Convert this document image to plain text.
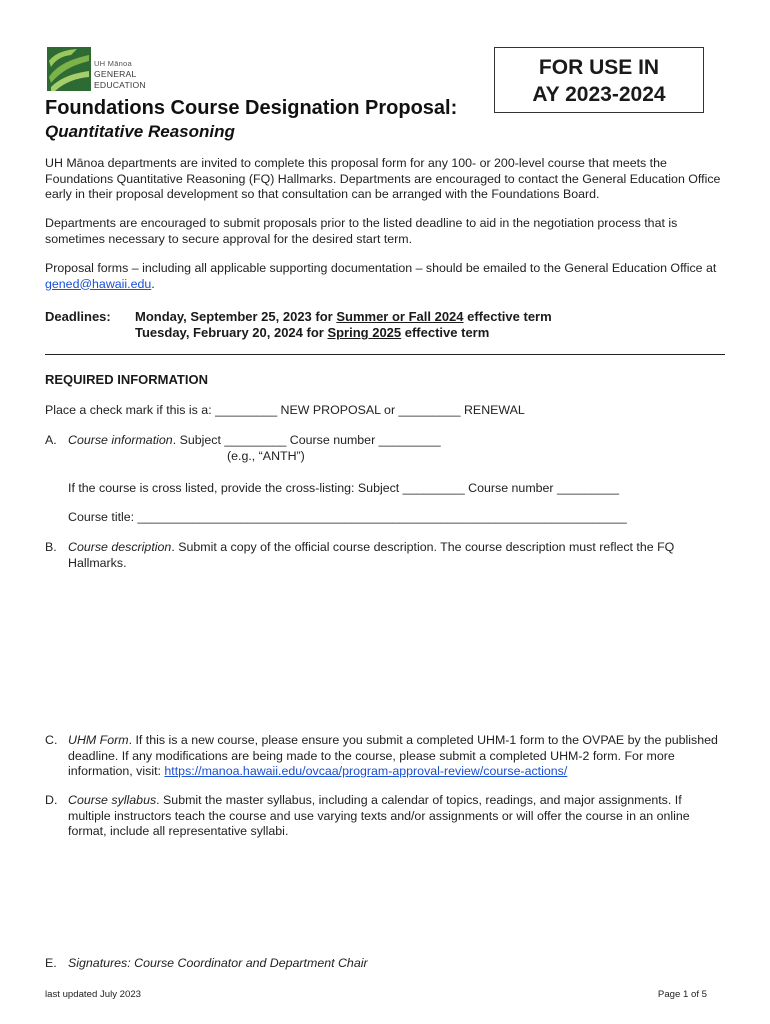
UH Mānoa
GENERAL
EDUCATION
FOR USE IN
AY 2023-2024
Foundations Course Designation Proposal:
Quantitative Reasoning
UH Mānoa departments are invited to complete this proposal form for any 100- or 200-level course that meets the Foundations Quantitative Reasoning (FQ) Hallmarks. Departments are encouraged to contact the General Education Office early in their proposal development so that consultation can be arranged with the Foundations Board.
Departments are encouraged to submit proposals prior to the listed deadline to aid in the negotiation process that is sometimes necessary to secure approval for the desired start term.
Proposal forms – including all applicable supporting documentation – should be emailed to the General Education Office at gened@hawaii.edu.
Deadlines: Monday, September 25, 2023 for Summer or Fall 2024 effective term
Tuesday, February 20, 2024 for Spring 2025 effective term
REQUIRED INFORMATION
Place a check mark if this is a: _________ NEW PROPOSAL or _________ RENEWAL
A. Course information. Subject _________ Course number _________
(e.g., “ANTH”)
If the course is cross listed, provide the cross-listing: Subject _________ Course number _________
Course title: _______________________________________________________________________
B. Course description. Submit a copy of the official course description. The course description must reflect the FQ Hallmarks.
C. UHM Form. If this is a new course, please ensure you submit a completed UHM-1 form to the OVPAE by the published deadline. If any modifications are being made to the course, please submit a completed UHM-2 form. For more information, visit: https://manoa.hawaii.edu/ovcaa/program-approval-review/course-actions/
D. Course syllabus. Submit the master syllabus, including a calendar of topics, readings, and major assignments. If multiple instructors teach the course and use varying texts and/or assignments or will offer the course in an online format, include all representative syllabi.
E. Signatures: Course Coordinator and Department Chair
last updated July 2023	Page 1 of 5
